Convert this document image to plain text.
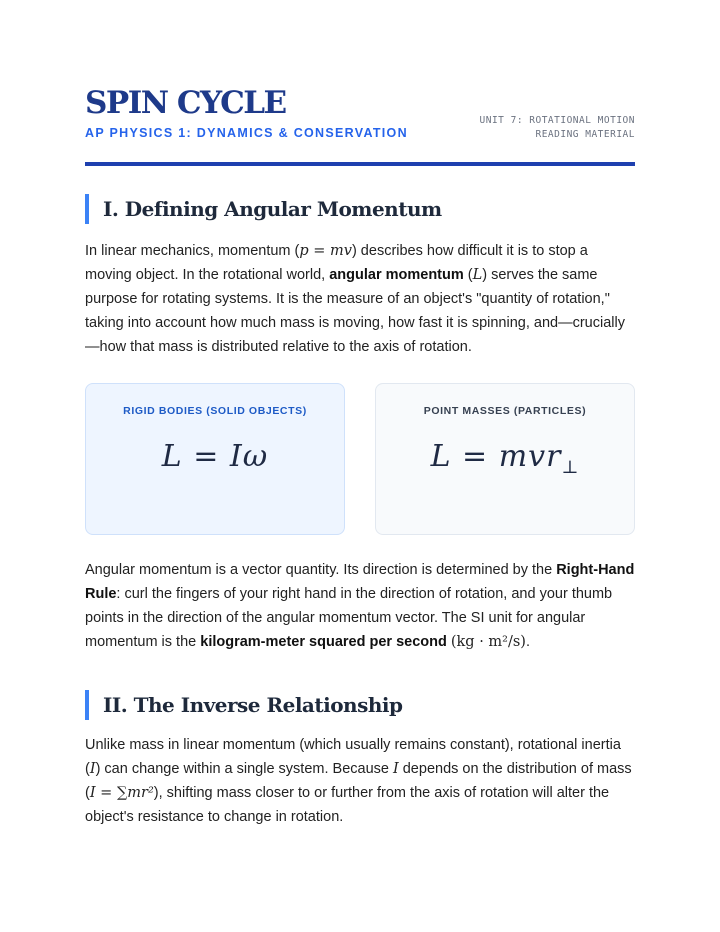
SPIN CYCLE
AP PHYSICS 1: DYNAMICS & CONSERVATION
UNIT 7: ROTATIONAL MOTION
READING MATERIAL
I. Defining Angular Momentum
In linear mechanics, momentum (p = mv) describes how difficult it is to stop a moving object. In the rotational world, angular momentum (L) serves the same purpose for rotating systems. It is the measure of an object's "quantity of rotation," taking into account how much mass is moving, how fast it is spinning, and—crucially—how that mass is distributed relative to the axis of rotation.
RIGID BODIES (SOLID OBJECTS)
L = Iω
POINT MASSES (PARTICLES)
L = mvr$_\perp$
Angular momentum is a vector quantity. Its direction is determined by the Right-Hand Rule: curl the fingers of your right hand in the direction of rotation, and your thumb points in the direction of the angular momentum vector. The SI unit for angular momentum is the kilogram-meter squared per second (kg · m²/s).
II. The Inverse Relationship
Unlike mass in linear momentum (which usually remains constant), rotational inertia (I) can change within a single system. Because I depends on the distribution of mass (I = ∑mr²), shifting mass closer to or further from the axis of rotation will alter the object's resistance to change in rotation.
